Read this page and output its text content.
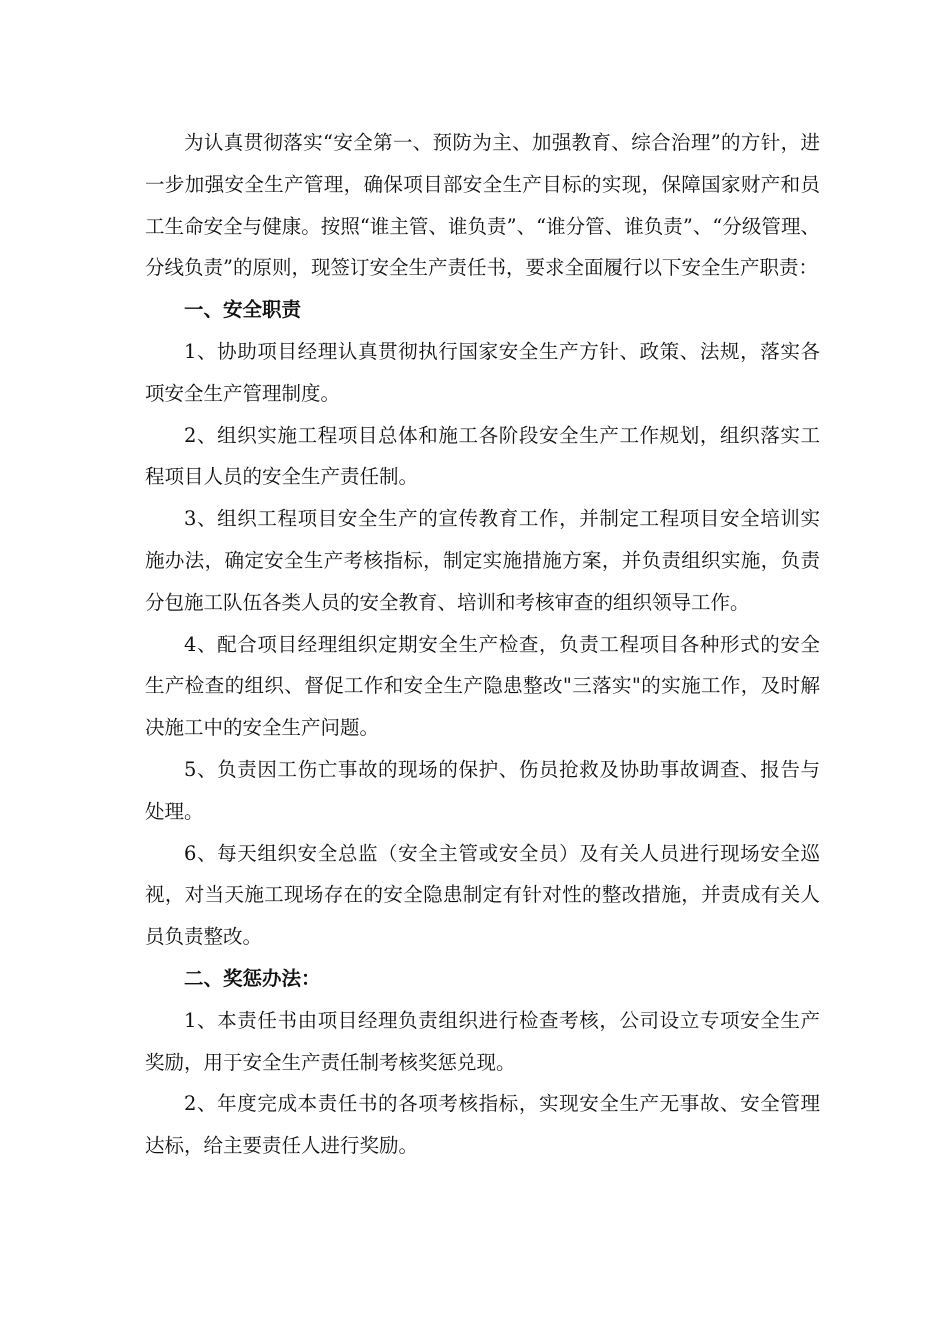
为认真贯彻落实“安全第一、预防为主、加强教育、综合治理”的方针，进一步加强安全生产管理，确保项目部安全生产目标的实现，保障国家财产和员工生命安全与健康。按照“谁主管、谁负责”、“谁分管、谁负责”、“分级管理、分线负责”的原则，现签订安全生产责任书，要求全面履行以下安全生产职责：

一、安全职责

1、协助项目经理认真贯彻执行国家安全生产方针、政策、法规，落实各项安全生产管理制度。

2、组织实施工程项目总体和施工各阶段安全生产工作规划，组织落实工程项目人员的安全生产责任制。

3、组织工程项目安全生产的宣传教育工作，并制定工程项目安全培训实施办法，确定安全生产考核指标，制定实施措施方案，并负责组织实施，负责分包施工队伍各类人员的安全教育、培训和考核审查的组织领导工作。

4、配合项目经理组织定期安全生产检查，负责工程项目各种形式的安全生产检查的组织、督促工作和安全生产隐患整改"三落实"的实施工作，及时解决施工中的安全生产问题。

5、负责因工伤亡事故的现场的保护、伤员抢救及协助事故调查、报告与处理。

6、每天组织安全总监（安全主管或安全员）及有关人员进行现场安全巡视，对当天施工现场存在的安全隐患制定有针对性的整改措施，并责成有关人员负责整改。

二、奖惩办法：

1、本责任书由项目经理负责组织进行检查考核，公司设立专项安全生产奖励，用于安全生产责任制考核奖惩兑现。

2、年度完成本责任书的各项考核指标，实现安全生产无事故、安全管理达标，给主要责任人进行奖励。
